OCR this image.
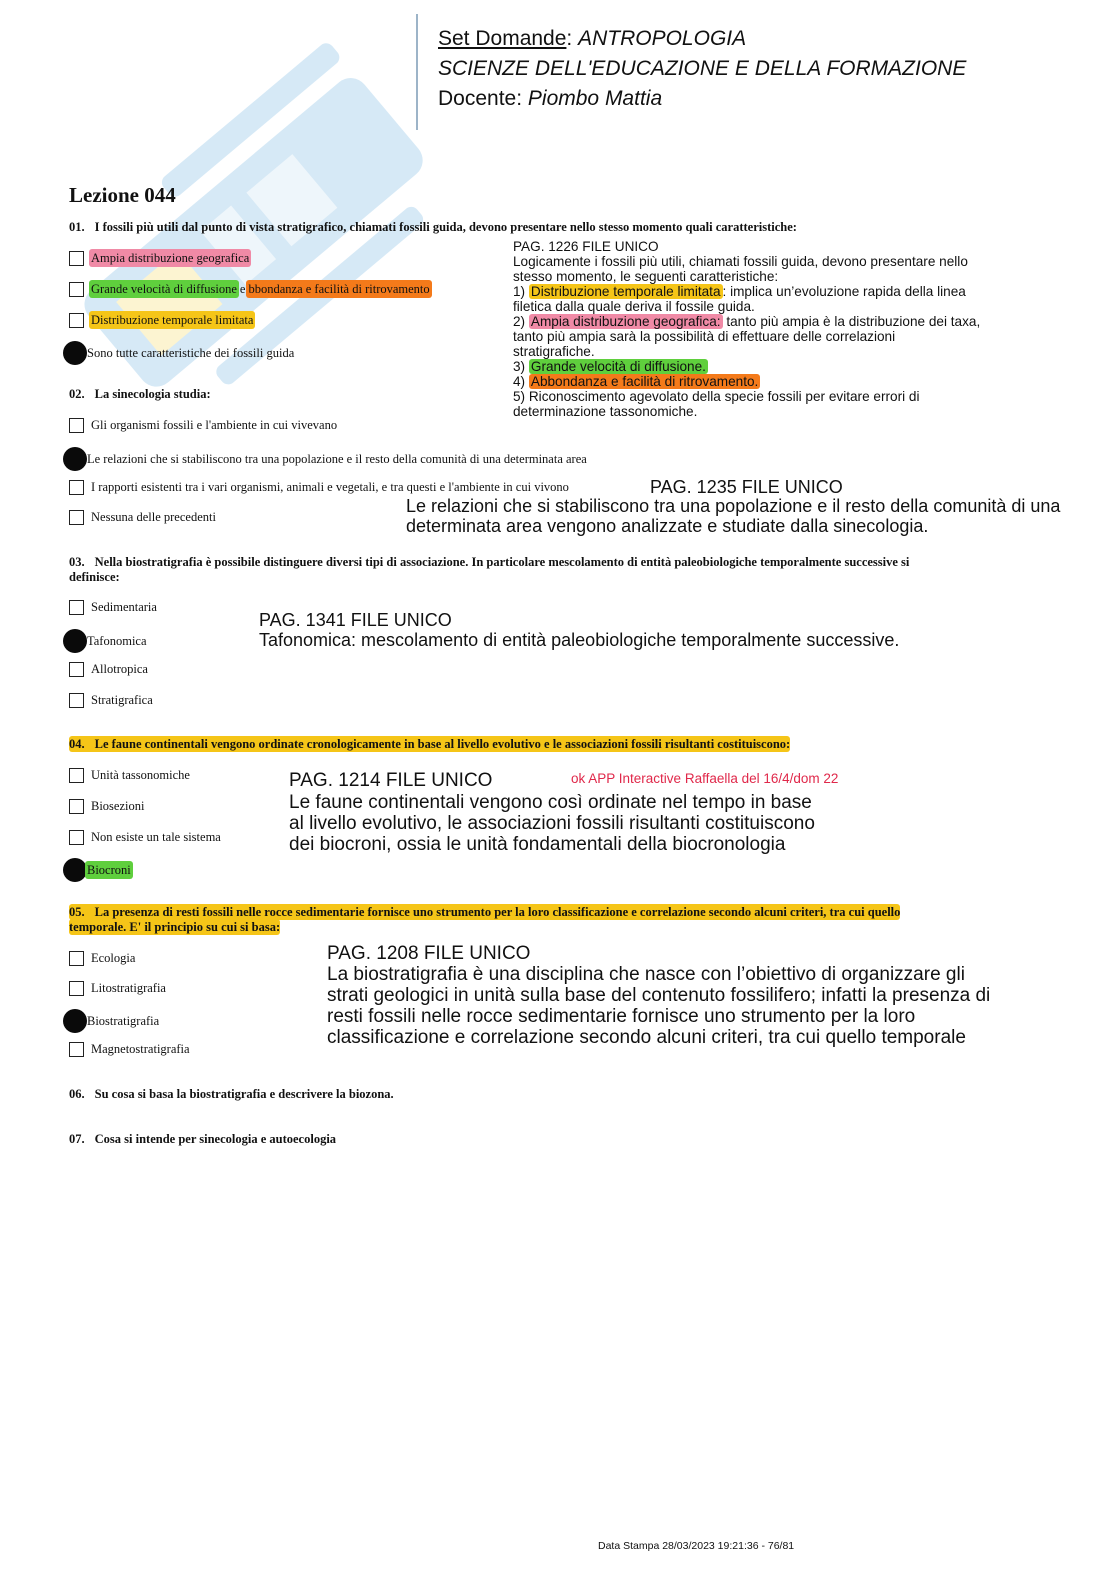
Set Domande: ANTROPOLOGIA
SCIENZE DELL'EDUCAZIONE E DELLA FORMAZIONE
Docente: Piombo Mattia
Lezione 044
01. I fossili più utili dal punto di vista stratigrafico, chiamati fossili guida, devono presentare nello stesso momento quali caratteristiche:
Ampia distribuzione geografica
Grande velocità di diffusione e bbondanza e facilità di ritrovamento
Distribuzione temporale limitata
Sono tutte caratteristiche dei fossili guida
PAG. 1226 FILE UNICO
Logicamente i fossili più utili, chiamati fossili guida, devono presentare nello
stesso momento, le seguenti caratteristiche:
1) Distribuzione temporale limitata : implica un’evoluzione rapida della linea
filetica dalla quale deriva il fossile guida.
2) Ampia distribuzione geografica: tanto più ampia è la distribuzione dei taxa,
tanto più ampia sarà la possibilità di effettuare delle correlazioni
stratigrafiche.
3) Grande velocità di diffusione.
4) Abbondanza e facilità di ritrovamento.
5) Riconoscimento agevolato della specie fossili per evitare errori di
determinazione tassonomiche.
02. La sinecologia studia:
Gli organismi fossili e l'ambiente in cui vivevano
Le relazioni che si stabiliscono tra una popolazione e il resto della comunità di una determinata area
I rapporti esistenti tra i vari organismi, animali e vegetali, e tra questi e l'ambiente in cui vivono
Nessuna delle precedenti
PAG. 1235 FILE UNICO
Le relazioni che si stabiliscono tra una popolazione e il resto della comunità di una
determinata area vengono analizzate e studiate dalla sinecologia.
03. Nella biostratigrafia è possibile distinguere diversi tipi di associazione. In particolare mescolamento di entità paleobiologiche temporalmente successive si
definisce:
Sedimentaria
Tafonomica
Allotropica
Stratigrafica
PAG. 1341 FILE UNICO
Tafonomica: mescolamento di entità paleobiologiche temporalmente successive.
04. Le faune continentali vengono ordinate cronologicamente in base al livello evolutivo e le associazioni fossili risultanti costituiscono:
Unità tassonomiche
Biosezioni
Non esiste un tale sistema
Biocroni
PAG. 1214 FILE UNICO	ok APP Interactive Raffaella del 16/4/dom 22
Le faune continentali vengono così ordinate nel tempo in base
al livello evolutivo, le associazioni fossili risultanti costituiscono
dei biocroni, ossia le unità fondamentali della biocronologia
05. La presenza di resti fossili nelle rocce sedimentarie fornisce uno strumento per la loro classificazione e correlazione secondo alcuni criteri, tra cui quello
temporale. E' il principio su cui si basa:
Ecologia
Litostratigrafia
Biostratigrafia
Magnetostratigrafia
PAG. 1208 FILE UNICO
La biostratigrafia è una disciplina che nasce con l’obiettivo di organizzare gli
strati geologici in unità sulla base del contenuto fossilifero; infatti la presenza di
resti fossili nelle rocce sedimentarie fornisce uno strumento per la loro
classificazione e correlazione secondo alcuni criteri, tra cui quello temporale
06. Su cosa si basa la biostratigrafia e descrivere la biozona.
07. Cosa si intende per sinecologia e autoecologia
Data Stampa 28/03/2023 19:21:36 - 76/81
